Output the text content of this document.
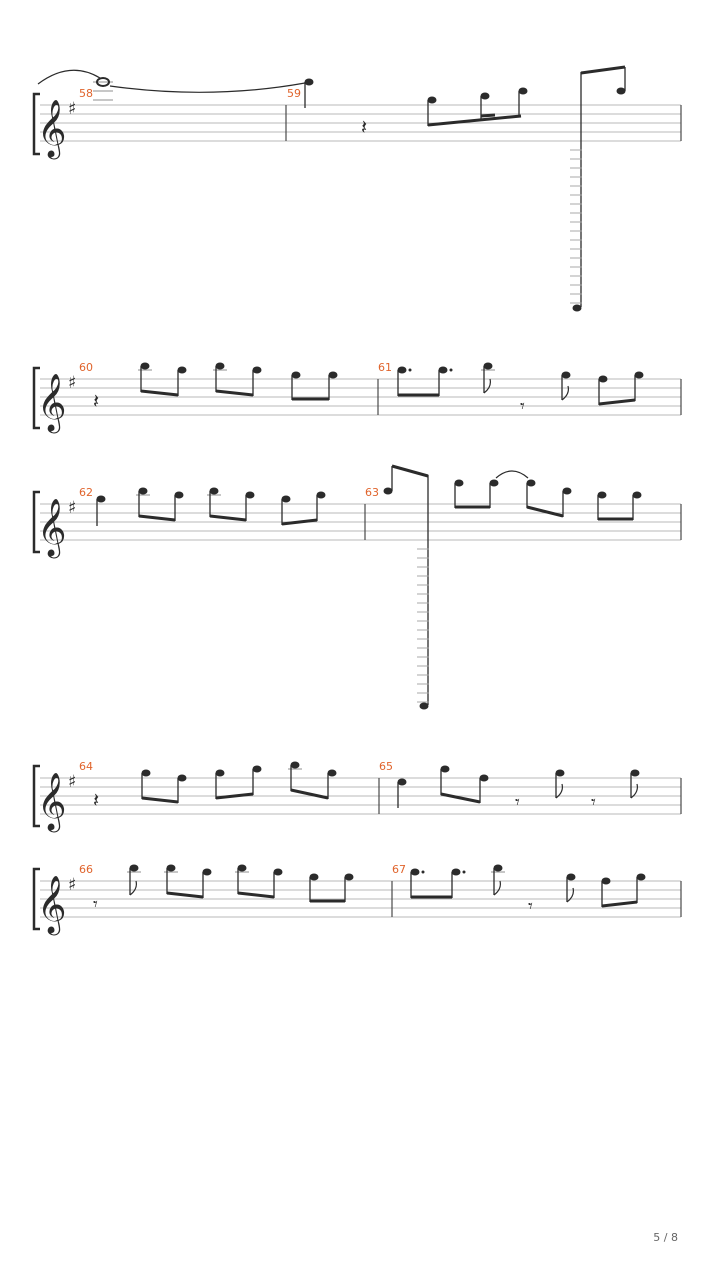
𝄞 ♯
58	59
𝄽
𝄞 ♯
60	61
𝄽	𝄾
𝄞 ♯
62	63
𝄞 ♯
64	65
𝄽	𝄾	𝄾
𝄞 ♯
66	67
𝄾	𝄾
5 / 8
